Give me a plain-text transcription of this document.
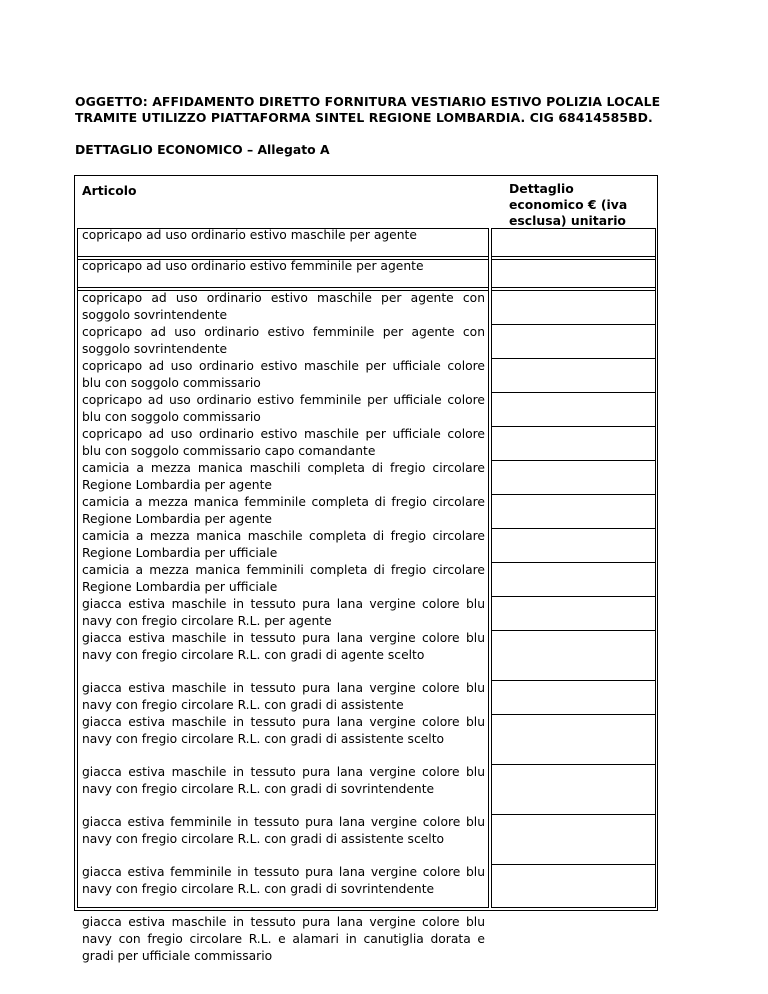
OGGETTO: AFFIDAMENTO DIRETTO FORNITURA VESTIARIO ESTIVO POLIZIA LOCALE
TRAMITE UTILIZZO PIATTAFORMA SINTEL REGIONE LOMBARDIA. CIG 68414585BD.
DETTAGLIO ECONOMICO – Allegato A
Articolo	Dettaglio
economico € (iva
esclusa) unitario
copricapo ad uso ordinario estivo maschile per agente
copricapo ad uso ordinario estivo femminile per agente
copricapo ad uso ordinario estivo maschile per agente con soggolo sovrintendente
copricapo ad uso ordinario estivo femminile per agente con soggolo sovrintendente
copricapo ad uso ordinario estivo maschile per ufficiale colore blu con soggolo commissario
copricapo ad uso ordinario estivo femminile per ufficiale colore blu con soggolo commissario
copricapo ad uso ordinario estivo maschile per ufficiale colore blu con soggolo commissario capo comandante
camicia a mezza manica maschili completa di fregio circolare Regione Lombardia per agente
camicia a mezza manica femminile completa di fregio circolare Regione Lombardia per agente
camicia a mezza manica maschile completa di fregio circolare Regione Lombardia per ufficiale
camicia a mezza manica femminili completa di fregio circolare Regione Lombardia per ufficiale
giacca estiva maschile in tessuto pura lana vergine colore blu navy con fregio circolare R.L. per agente
giacca estiva maschile in tessuto pura lana vergine colore blu navy con fregio circolare R.L. con gradi di agente scelto
giacca estiva maschile in tessuto pura lana vergine colore blu navy con fregio circolare R.L. con gradi di assistente
giacca estiva maschile in tessuto pura lana vergine colore blu navy con fregio circolare R.L. con gradi di assistente scelto
giacca estiva maschile in tessuto pura lana vergine colore blu navy con fregio circolare R.L. con gradi di sovrintendente
giacca estiva femminile in tessuto pura lana vergine colore blu navy con fregio circolare R.L. con gradi di assistente scelto
giacca estiva femminile in tessuto pura lana vergine colore blu navy con fregio circolare R.L. con gradi di sovrintendente
giacca estiva maschile in tessuto pura lana vergine colore blu navy con fregio circolare R.L. e alamari in canutiglia dorata e gradi per ufficiale commissario
